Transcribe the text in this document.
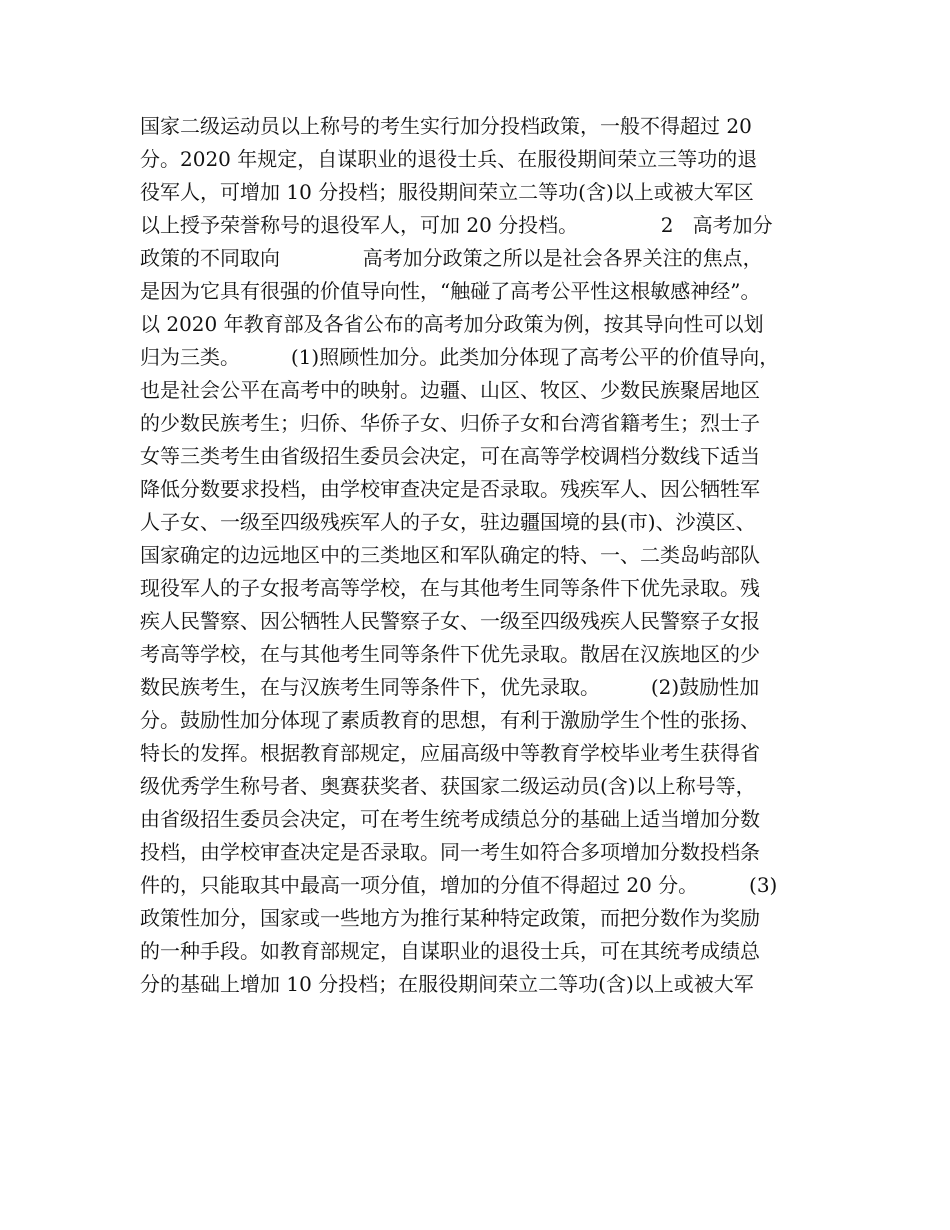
国家二级运动员以上称号的考生实行加分投档政策，一般不得超过 20
分。2020 年规定，自谋职业的退役士兵、在服役期间荣立三等功的退
役军人，可增加 10 分投档；服役期间荣立二等功(含)以上或被大军区
以上授予荣誉称号的退役军人，可加 20 分投档。             2   高考加分
政策的不同取向             高考加分政策之所以是社会各界关注的焦点，
是因为它具有很强的价值导向性，“触碰了高考公平性这根敏感神经”。
以 2020 年教育部及各省公布的高考加分政策为例，按其导向性可以划
归为三类。        (1)照顾性加分。此类加分体现了高考公平的价值导向，
也是社会公平在高考中的映射。边疆、山区、牧区、少数民族聚居地区
的少数民族考生；归侨、华侨子女、归侨子女和台湾省籍考生；烈士子
女等三类考生由省级招生委员会决定，可在高等学校调档分数线下适当
降低分数要求投档，由学校审查决定是否录取。残疾军人、因公牺牲军
人子女、一级至四级残疾军人的子女，驻边疆国境的县(市)、沙漠区、
国家确定的边远地区中的三类地区和军队确定的特、一、二类岛屿部队
现役军人的子女报考高等学校，在与其他考生同等条件下优先录取。残
疾人民警察、因公牺牲人民警察子女、一级至四级残疾人民警察子女报
考高等学校，在与其他考生同等条件下优先录取。散居在汉族地区的少
数民族考生，在与汉族考生同等条件下，优先录取。        (2)鼓励性加
分。鼓励性加分体现了素质教育的思想，有利于激励学生个性的张扬、
特长的发挥。根据教育部规定，应届高级中等教育学校毕业考生获得省
级优秀学生称号者、奥赛获奖者、获国家二级运动员(含)以上称号等，
由省级招生委员会决定，可在考生统考成绩总分的基础上适当增加分数
投档，由学校审查决定是否录取。同一考生如符合多项增加分数投档条
件的，只能取其中最高一项分值，增加的分值不得超过 20 分。        (3)
政策性加分，国家或一些地方为推行某种特定政策，而把分数作为奖励
的一种手段。如教育部规定，自谋职业的退役士兵，可在其统考成绩总
分的基础上增加 10 分投档；在服役期间荣立二等功(含)以上或被大军
